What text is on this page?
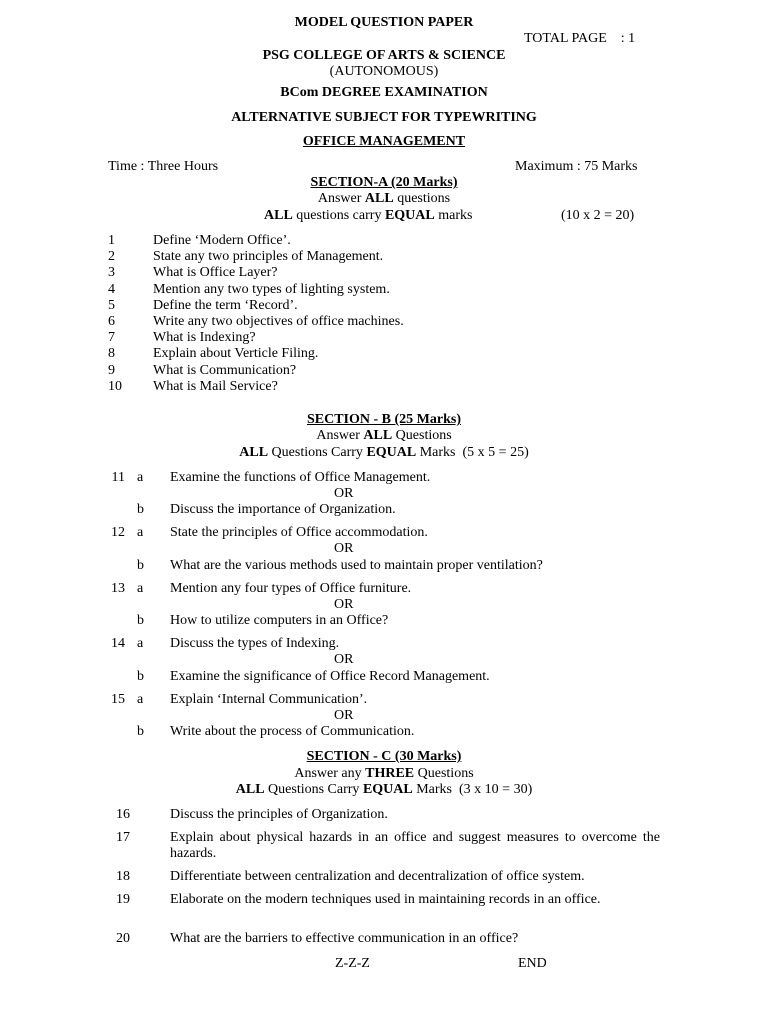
MODEL QUESTION PAPER
TOTAL PAGE    : 1
PSG COLLEGE OF ARTS & SCIENCE
(AUTONOMOUS)
BCom DEGREE EXAMINATION
ALTERNATIVE SUBJECT FOR TYPEWRITING
OFFICE MANAGEMENT
Time : Three Hours	Maximum : 75 Marks
SECTION-A (20 Marks)
Answer ALL questions
ALL questions carry EQUAL marks	(10 x 2 = 20)
1	Define ‘Modern Office’.
2	State any two principles of Management.
3	What is Office Layer?
4	Mention any two types of lighting system.
5	Define the term ‘Record’.
6	Write any two objectives of office machines.
7	What is Indexing?
8	Explain about Verticle Filing.
9	What is Communication?
10 What is Mail Service?
SECTION - B (25 Marks)
Answer ALL Questions
ALL Questions Carry EQUAL Marks  (5 x 5 = 25)
11 a Examine the functions of Office Management.
OR
b Discuss the importance of Organization.
12 a State the principles of Office accommodation.
OR
b What are the various methods used to maintain proper ventilation?
13 a Mention any four types of Office furniture.
OR
b How to utilize computers in an Office?
14 a Discuss the types of Indexing.
OR
b Examine the significance of Office Record Management.
15 a Explain ‘Internal Communication’.
OR
b Write about the process of Communication.
SECTION - C (30 Marks)
Answer any THREE Questions
ALL Questions Carry EQUAL Marks  (3 x 10 = 30)
16	Discuss the principles of Organization.
17	Explain about physical hazards in an office and suggest measures to overcome the hazards.
18	Differentiate between centralization and decentralization of office system.
19	Elaborate on the modern techniques used in maintaining records in an office.
20	What are the barriers to effective communication in an office?
Z-Z-Z	END
